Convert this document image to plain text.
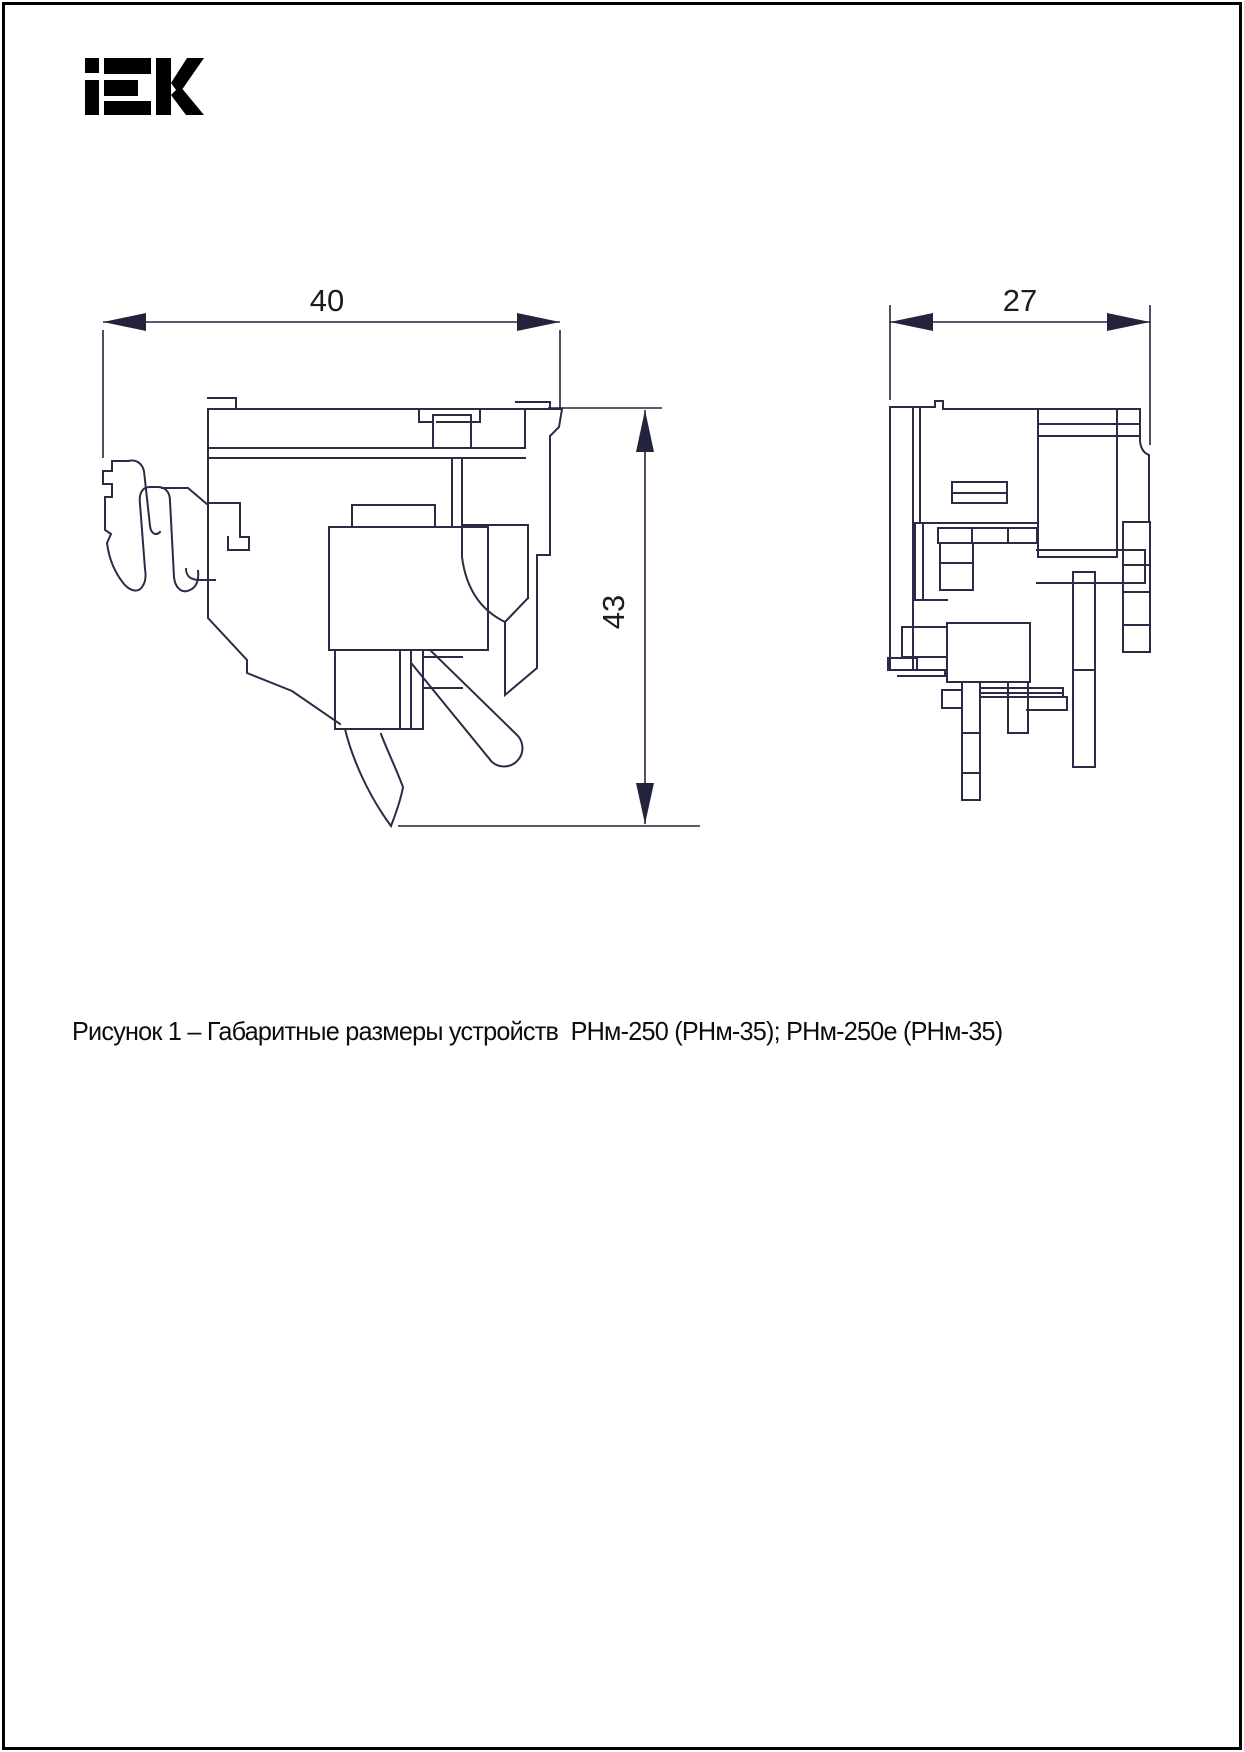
40	27
43
Рисунок 1 – Габаритные размеры устройств  РНм-250 (РНм-35); РНм-250е (РНм-35)
